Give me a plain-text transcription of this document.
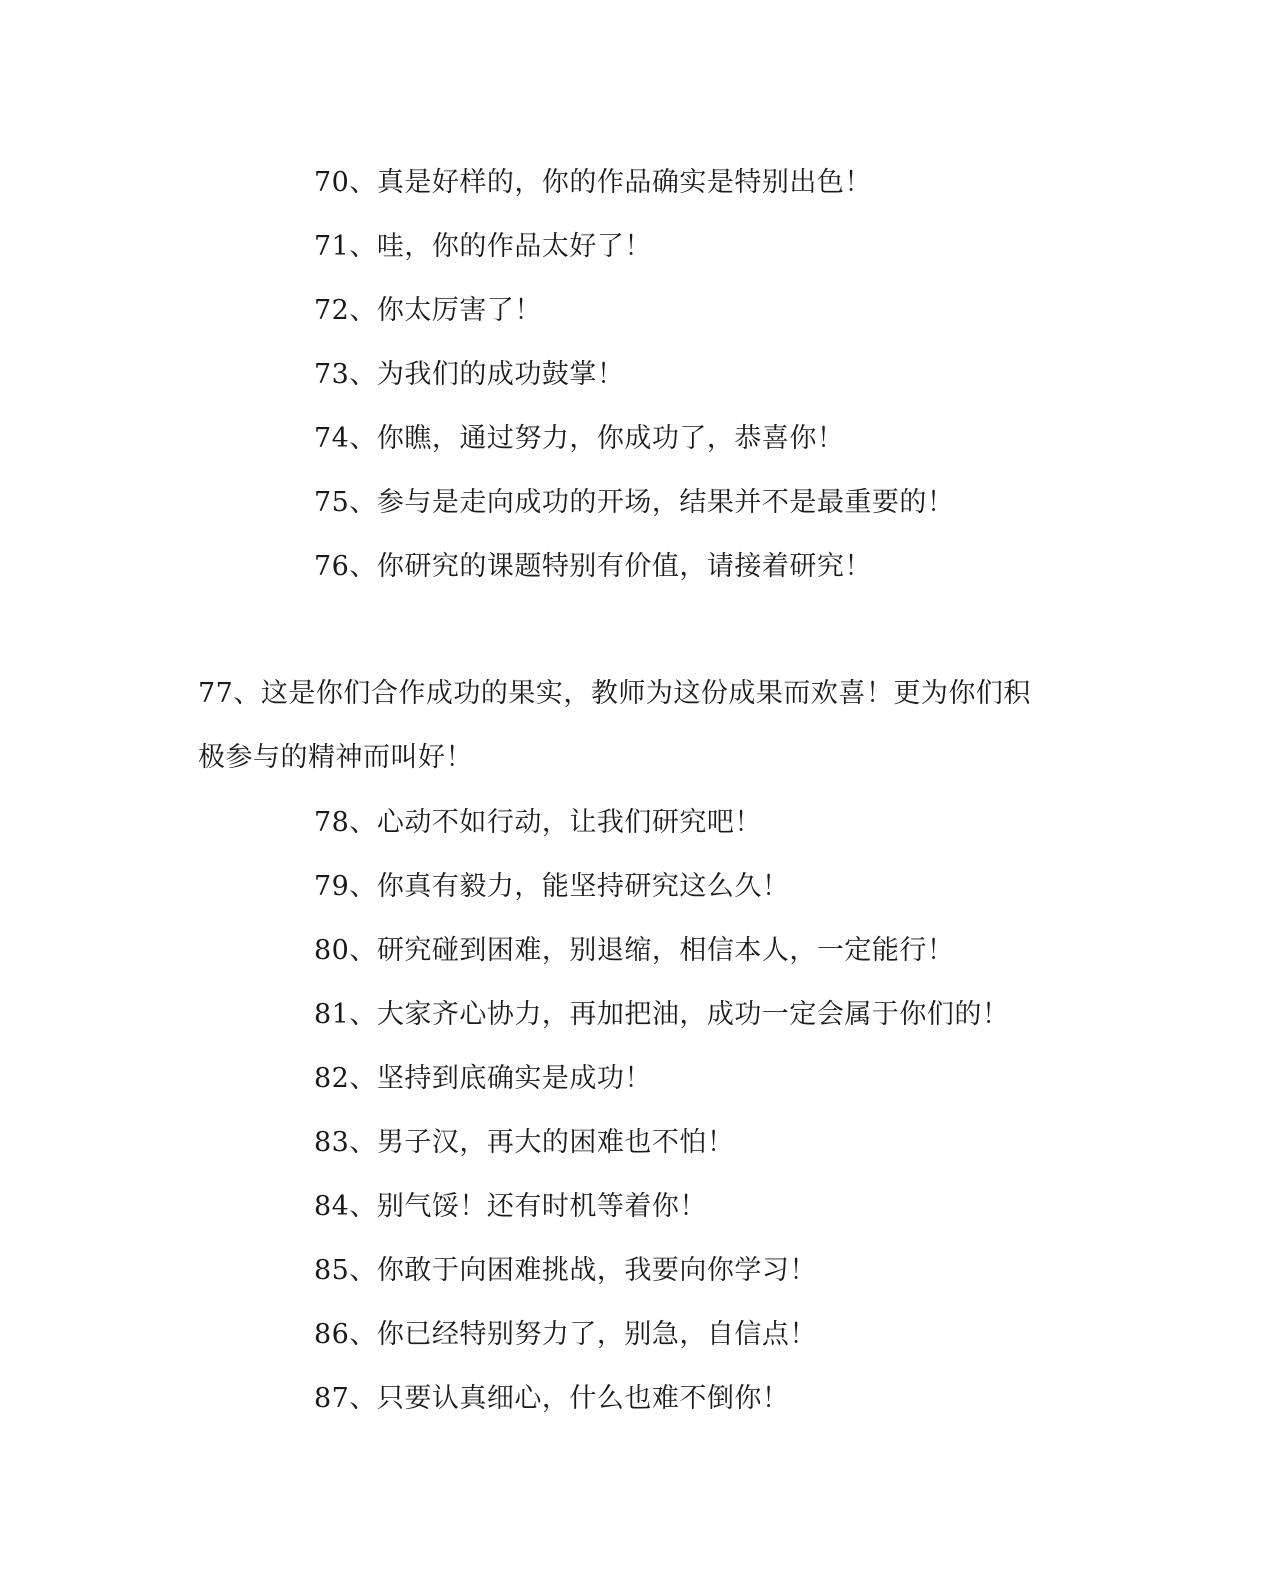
70、真是好样的，你的作品确实是特别出色！
71、哇，你的作品太好了！
72、你太厉害了！
73、为我们的成功鼓掌！
74、你瞧，通过努力，你成功了，恭喜你！
75、参与是走向成功的开场，结果并不是最重要的！
76、你研究的课题特别有价值，请接着研究！
77、这是你们合作成功的果实，教师为这份成果而欢喜！更为你们积
极参与的精神而叫好！
78、心动不如行动，让我们研究吧！
79、你真有毅力，能坚持研究这么久！
80、研究碰到困难，别退缩，相信本人，一定能行！
81、大家齐心协力，再加把油，成功一定会属于你们的！
82、坚持到底确实是成功！
83、男子汉，再大的困难也不怕！
84、别气馁！还有时机等着你！
85、你敢于向困难挑战，我要向你学习！
86、你已经特别努力了，别急，自信点！
87、只要认真细心，什么也难不倒你！
